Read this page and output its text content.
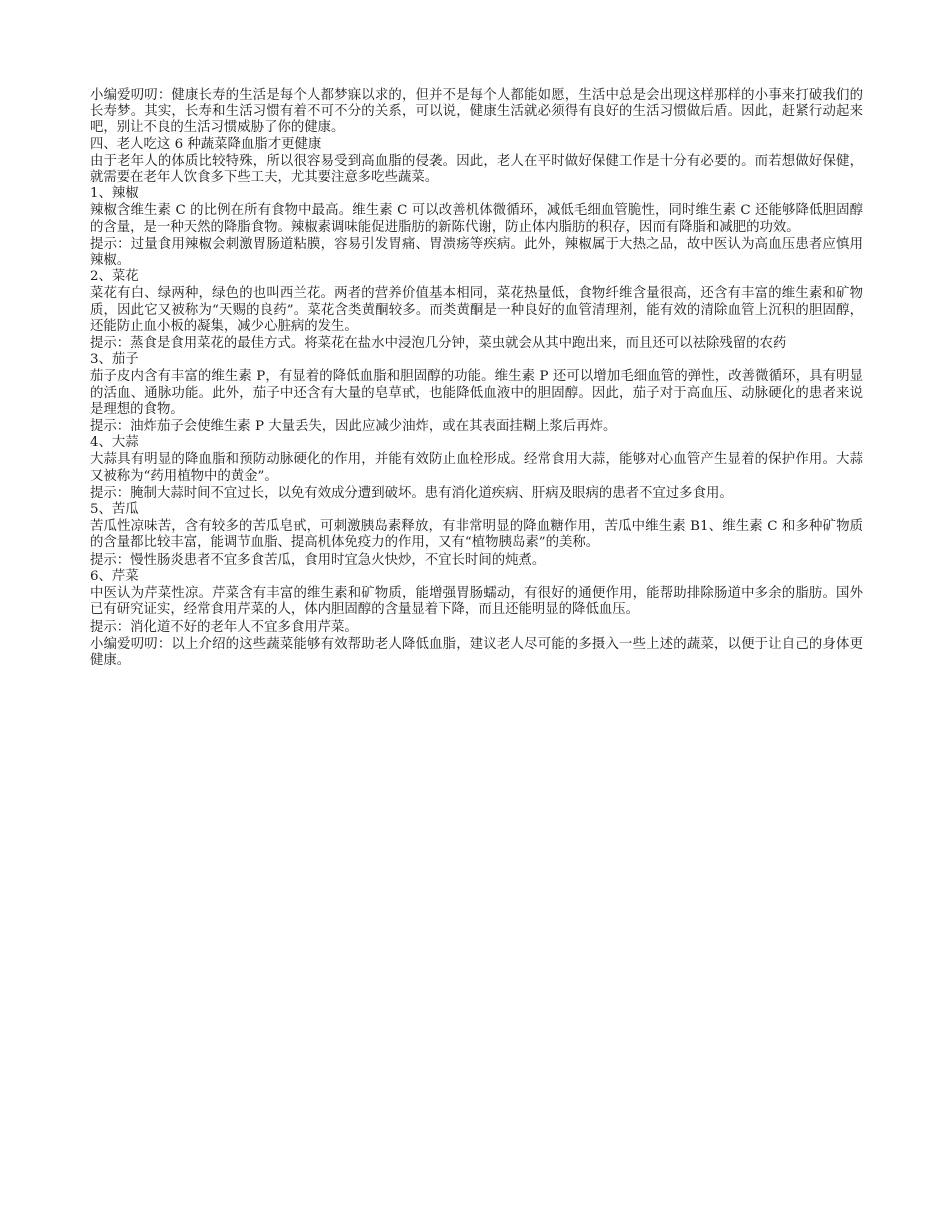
小编爱叨叨：健康长寿的生活是每个人都梦寐以求的，但并不是每个人都能如愿，生活中总是会出现这样那样的小事来打破我们的长寿梦。其实，长寿和生活习惯有着不可不分的关系，可以说，健康生活就必须得有良好的生活习惯做后盾。因此，赶紧行动起来吧，别让不良的生活习惯威胁了你的健康。

四、老人吃这 6 种蔬菜降血脂才更健康

由于老年人的体质比较特殊，所以很容易受到高血脂的侵袭。因此，老人在平时做好保健工作是十分有必要的。而若想做好保健，就需要在老年人饮食多下些工夫，尤其要注意多吃些蔬菜。

1、辣椒

辣椒含维生素 C 的比例在所有食物中最高。维生素 C 可以改善机体微循环，减低毛细血管脆性，同时维生素 C 还能够降低胆固醇的含量，是一种天然的降脂食物。辣椒素调味能促进脂肪的新陈代谢，防止体内脂肪的积存，因而有降脂和减肥的功效。

提示：过量食用辣椒会刺激胃肠道粘膜，容易引发胃痛、胃溃疡等疾病。此外，辣椒属于大热之品，故中医认为高血压患者应慎用辣椒。

2、菜花

菜花有白、绿两种，绿色的也叫西兰花。两者的营养价值基本相同，菜花热量低，食物纤维含量很高，还含有丰富的维生素和矿物质，因此它又被称为“天赐的良药”。菜花含类黄酮较多。而类黄酮是一种良好的血管清理剂，能有效的清除血管上沉积的胆固醇，还能防止血小板的凝集，减少心脏病的发生。

提示：蒸食是食用菜花的最佳方式。将菜花在盐水中浸泡几分钟，菜虫就会从其中跑出来，而且还可以祛除残留的农药

3、茄子

茄子皮内含有丰富的维生素 P，有显着的降低血脂和胆固醇的功能。维生素 P 还可以增加毛细血管的弹性，改善微循环，具有明显的活血、通脉功能。此外，茄子中还含有大量的皂草甙，也能降低血液中的胆固醇。因此，茄子对于高血压、动脉硬化的患者来说是理想的食物。

提示：油炸茄子会使维生素 P 大量丢失，因此应减少油炸，或在其表面挂糊上浆后再炸。

4、大蒜

大蒜具有明显的降血脂和预防动脉硬化的作用，并能有效防止血栓形成。经常食用大蒜，能够对心血管产生显着的保护作用。大蒜又被称为“药用植物中的黄金”。

提示：腌制大蒜时间不宜过长，以免有效成分遭到破坏。患有消化道疾病、肝病及眼病的患者不宜过多食用。

5、苦瓜

苦瓜性凉味苦，含有较多的苦瓜皂甙，可刺激胰岛素释放，有非常明显的降血糖作用，苦瓜中维生素 B1、维生素 C 和多种矿物质的含量都比较丰富，能调节血脂、提高机体免疫力的作用，又有“植物胰岛素”的美称。

提示：慢性肠炎患者不宜多食苦瓜，食用时宜急火快炒，不宜长时间的炖煮。

6、芹菜

中医认为芹菜性凉。芹菜含有丰富的维生素和矿物质，能增强胃肠蠕动，有很好的通便作用，能帮助排除肠道中多余的脂肪。国外已有研究证实，经常食用芹菜的人，体内胆固醇的含量显着下降，而且还能明显的降低血压。

提示：消化道不好的老年人不宜多食用芹菜。

小编爱叨叨：以上介绍的这些蔬菜能够有效帮助老人降低血脂，建议老人尽可能的多摄入一些上述的蔬菜，以便于让自己的身体更健康。
